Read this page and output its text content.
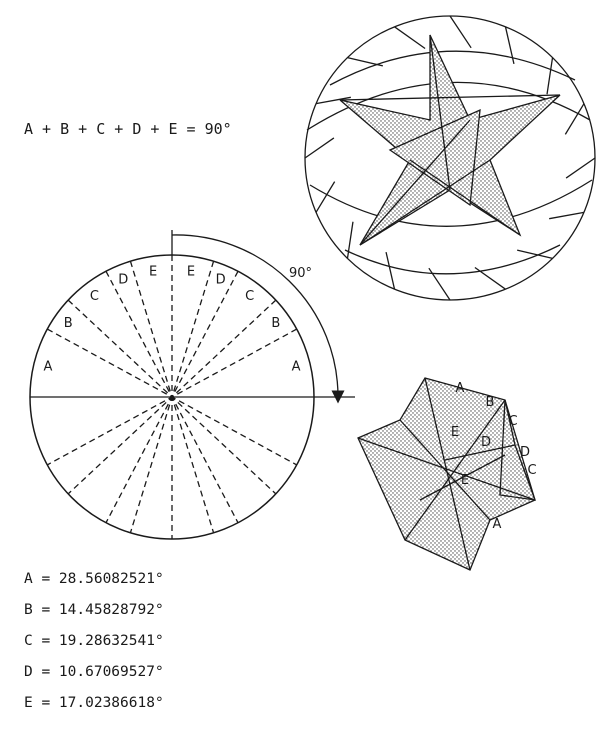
90°
A
B
C
D
E
A
B
C
D
E
A
B
C
E
D
D
C
E
A
A + B + C + D + E = 90°
A = 28.56082521°
B = 14.45828792°
C = 19.28632541°
D = 10.67069527°
E = 17.02386618°
